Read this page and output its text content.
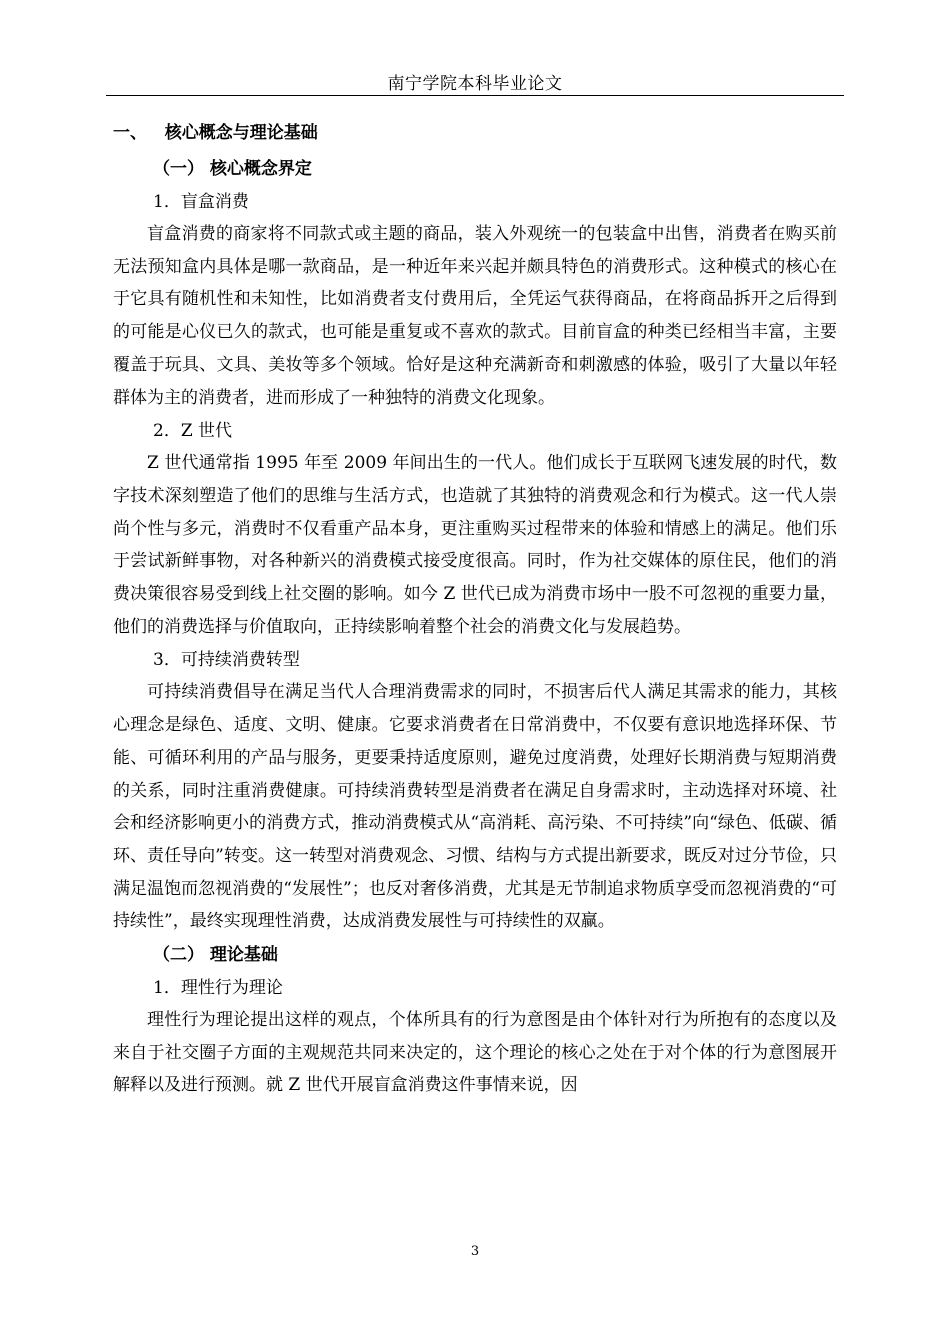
南宁学院本科毕业论文
一、   核心概念与理论基础
（一） 核心概念界定
1．盲盒消费

盲盒消费的商家将不同款式或主题的商品，装入外观统一的包装盒中出售，消费者在购买前无法预知盒内具体是哪一款商品，是一种近年来兴起并颇具特色的消费形式。这种模式的核心在于它具有随机性和未知性，比如消费者支付费用后，全凭运气获得商品，在将商品拆开之后得到的可能是心仪已久的款式，也可能是重复或不喜欢的款式。目前盲盒的种类已经相当丰富，主要覆盖于玩具、文具、美妆等多个领域。恰好是这种充满新奇和刺激感的体验，吸引了大量以年轻群体为主的消费者，进而形成了一种独特的消费文化现象。

2．Z 世代

Z 世代通常指 1995 年至 2009 年间出生的一代人。他们成长于互联网飞速发展的时代，数字技术深刻塑造了他们的思维与生活方式，也造就了其独特的消费观念和行为模式。这一代人崇尚个性与多元，消费时不仅看重产品本身，更注重购买过程带来的体验和情感上的满足。他们乐于尝试新鲜事物，对各种新兴的消费模式接受度很高。同时，作为社交媒体的原住民，他们的消费决策很容易受到线上社交圈的影响。如今 Z 世代已成为消费市场中一股不可忽视的重要力量，他们的消费选择与价值取向，正持续影响着整个社会的消费文化与发展趋势。

3．可持续消费转型

可持续消费倡导在满足当代人合理消费需求的同时，不损害后代人满足其需求的能力，其核心理念是绿色、适度、文明、健康。它要求消费者在日常消费中，不仅要有意识地选择环保、节能、可循环利用的产品与服务，更要秉持适度原则，避免过度消费，处理好长期消费与短期消费的关系，同时注重消费健康。可持续消费转型是消费者在满足自身需求时，主动选择对环境、社会和经济影响更小的消费方式，推动消费模式从“高消耗、高污染、不可持续”向“绿色、低碳、循环、责任导向”转变。这一转型对消费观念、习惯、结构与方式提出新要求，既反对过分节俭，只满足温饱而忽视消费的“发展性”；也反对奢侈消费，尤其是无节制追求物质享受而忽视消费的“可持续性”，最终实现理性消费，达成消费发展性与可持续性的双赢。

（二） 理论基础
1．理性行为理论

理性行为理论提出这样的观点，个体所具有的行为意图是由个体针对行为所抱有的态度以及来自于社交圈子方面的主观规范共同来决定的，这个理论的核心之处在于对个体的行为意图展开解释以及进行预测。就 Z 世代开展盲盒消费这件事情来说，因

3
